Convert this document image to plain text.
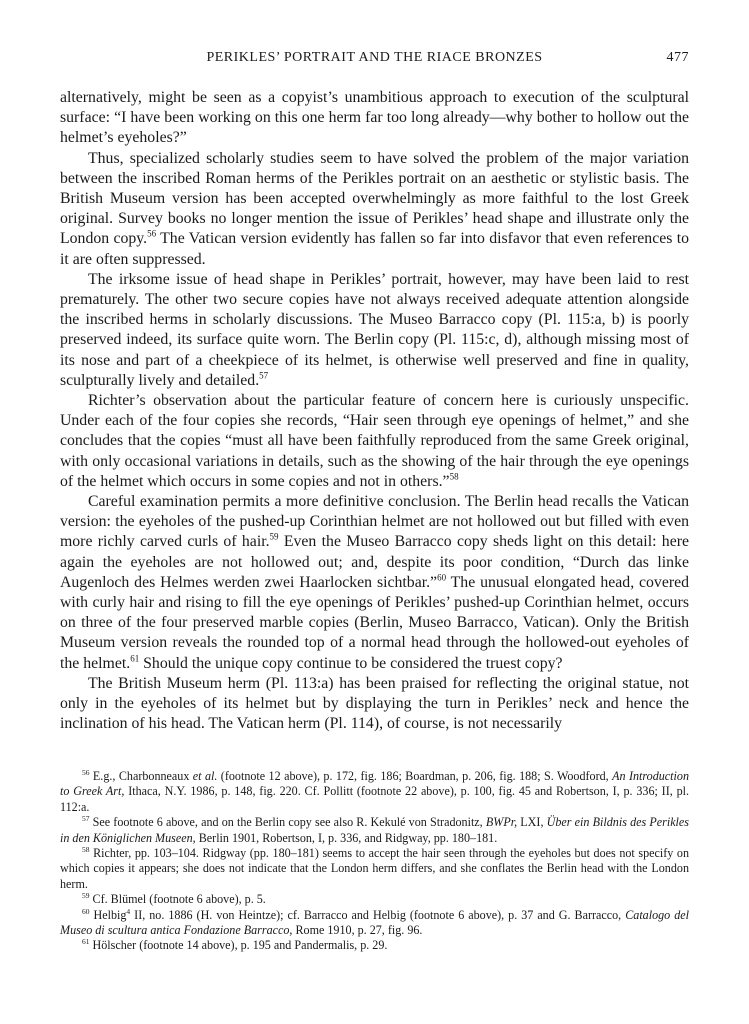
PERIKLES’ PORTRAIT AND THE RIACE BRONZES	477

alternatively, might be seen as a copyist’s unambitious approach to execution of the sculptural surface: “I have been working on this one herm far too long already—why bother to hollow out the helmet’s eyeholes?”

Thus, specialized scholarly studies seem to have solved the problem of the major variation between the inscribed Roman herms of the Perikles portrait on an aesthetic or stylistic basis. The British Museum version has been accepted overwhelmingly as more faithful to the lost Greek original. Survey books no longer mention the issue of Perikles’ head shape and illustrate only the London copy.$^{56}$ The Vatican version evidently has fallen so far into disfavor that even references to it are often suppressed.

The irksome issue of head shape in Perikles’ portrait, however, may have been laid to rest prematurely. The other two secure copies have not always received adequate attention alongside the inscribed herms in scholarly discussions. The Museo Barracco copy (Pl. 115:a, b) is poorly preserved indeed, its surface quite worn. The Berlin copy (Pl. 115:c, d), although missing most of its nose and part of a cheekpiece of its helmet, is otherwise well preserved and fine in quality, sculpturally lively and detailed.$^{57}$

Richter’s observation about the particular feature of concern here is curiously unspecific. Under each of the four copies she records, “Hair seen through eye openings of helmet,” and she concludes that the copies “must all have been faithfully reproduced from the same Greek original, with only occasional variations in details, such as the showing of the hair through the eye openings of the helmet which occurs in some copies and not in others.”$^{58}$

Careful examination permits a more definitive conclusion. The Berlin head recalls the Vatican version: the eyeholes of the pushed-up Corinthian helmet are not hollowed out but filled with even more richly carved curls of hair.$^{59}$ Even the Museo Barracco copy sheds light on this detail: here again the eyeholes are not hollowed out; and, despite its poor condition, “Durch das linke Augenloch des Helmes werden zwei Haarlocken sichtbar.”$^{60}$ The unusual elongated head, covered with curly hair and rising to fill the eye openings of Perikles’ pushed-up Corinthian helmet, occurs on three of the four preserved marble copies (Berlin, Museo Barracco, Vatican). Only the British Museum version reveals the rounded top of a normal head through the hollowed-out eyeholes of the helmet.$^{61}$ Should the unique copy continue to be considered the truest copy?

The British Museum herm (Pl. 113:a) has been praised for reflecting the original statue, not only in the eyeholes of its helmet but by displaying the turn in Perikles’ neck and hence the inclination of his head. The Vatican herm (Pl. 114), of course, is not necessarily

$^{56}$ E.g., Charbonneaux et al. (footnote 12 above), p. 172, fig. 186; Boardman, p. 206, fig. 188; S. Woodford, An Introduction to Greek Art, Ithaca, N.Y. 1986, p. 148, fig. 220. Cf. Pollitt (footnote 22 above), p. 100, fig. 45 and Robertson, I, p. 336; II, pl. 112:a.

$^{57}$ See footnote 6 above, and on the Berlin copy see also R. Kekulé von Stradonitz, BWPr, LXI, Über ein Bildnis des Perikles in den Königlichen Museen, Berlin 1901, Robertson, I, p. 336, and Ridgway, pp. 180–181.

$^{58}$ Richter, pp. 103–104. Ridgway (pp. 180–181) seems to accept the hair seen through the eyeholes but does not specify on which copies it appears; she does not indicate that the London herm differs, and she conflates the Berlin head with the London herm.

$^{59}$ Cf. Blümel (footnote 6 above), p. 5.

$^{60}$ Helbig$^4$ II, no. 1886 (H. von Heintze); cf. Barracco and Helbig (footnote 6 above), p. 37 and G. Barracco, Catalogo del Museo di scultura antica Fondazione Barracco, Rome 1910, p. 27, fig. 96.

$^{61}$ Hölscher (footnote 14 above), p. 195 and Pandermalis, p. 29.
